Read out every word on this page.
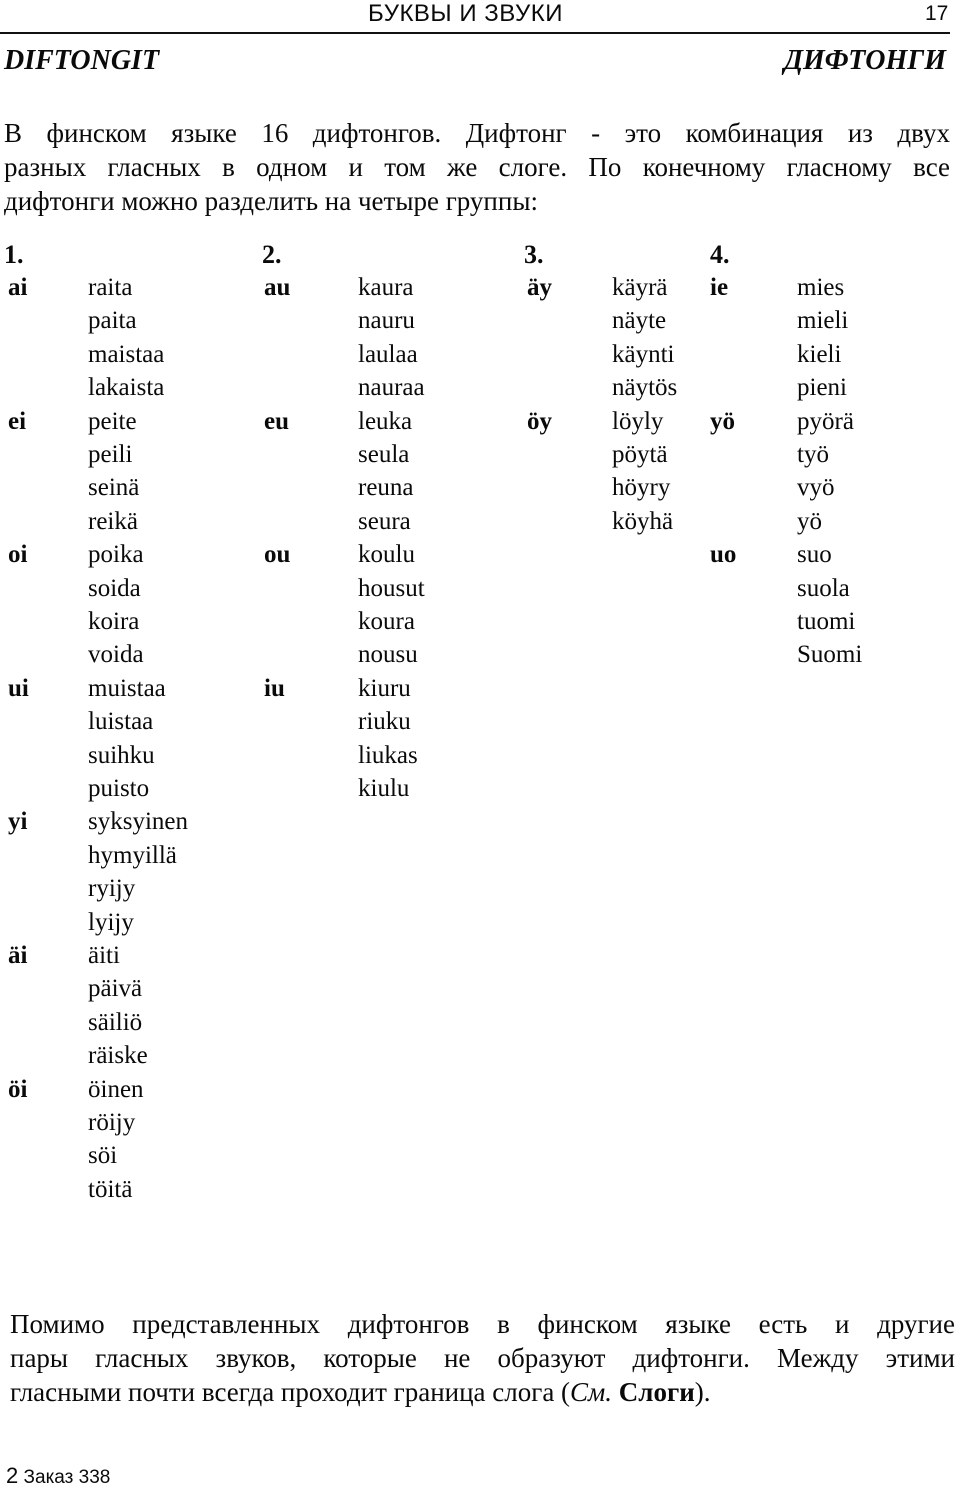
БУКВЫ И ЗВУКИ	17
DIFTONGIT	ДИФТОНГИ
В финском языке 16 дифтонгов. Дифтонг - это комбинация из двух
разных гласных в одном и том же слоге. По конечному гласному все
дифтонги можно разделить на четыре группы:
1.
ai raita
paita
maistaa
lakaista
ei peite
peili
seinä
reikä
oi poika
soida
koira
voida
ui muistaa
luistaa
suihku
puisto
yi syksyinen
hymyillä
ryijy
lyijy
äi äiti
päivä
säiliö
räiske
öi öinen
röijy
söi
töitä
2.
au	kaura
nauru
laulaa
nauraa
eu	leuka
seula
reuna
seura
ou	koulu
housut
koura
nousu
iu	kiuru
riuku
liukas
kiulu
3.
äy käyrä
näyte
käynti
näytös
öy löyly
pöytä
höyry
köyhä
4.
ie	mies
mieli
kieli
pieni
yö pyörä
työ
vyö
yö
uo suo
suola
tuomi
Suomi
Помимо представленных дифтонгов в финском языке есть и другие
пары гласных звуков, которые не образуют дифтонги. Между этими
гласными почти всегда проходит граница слога (См. Слоги).
2 Заказ 338
